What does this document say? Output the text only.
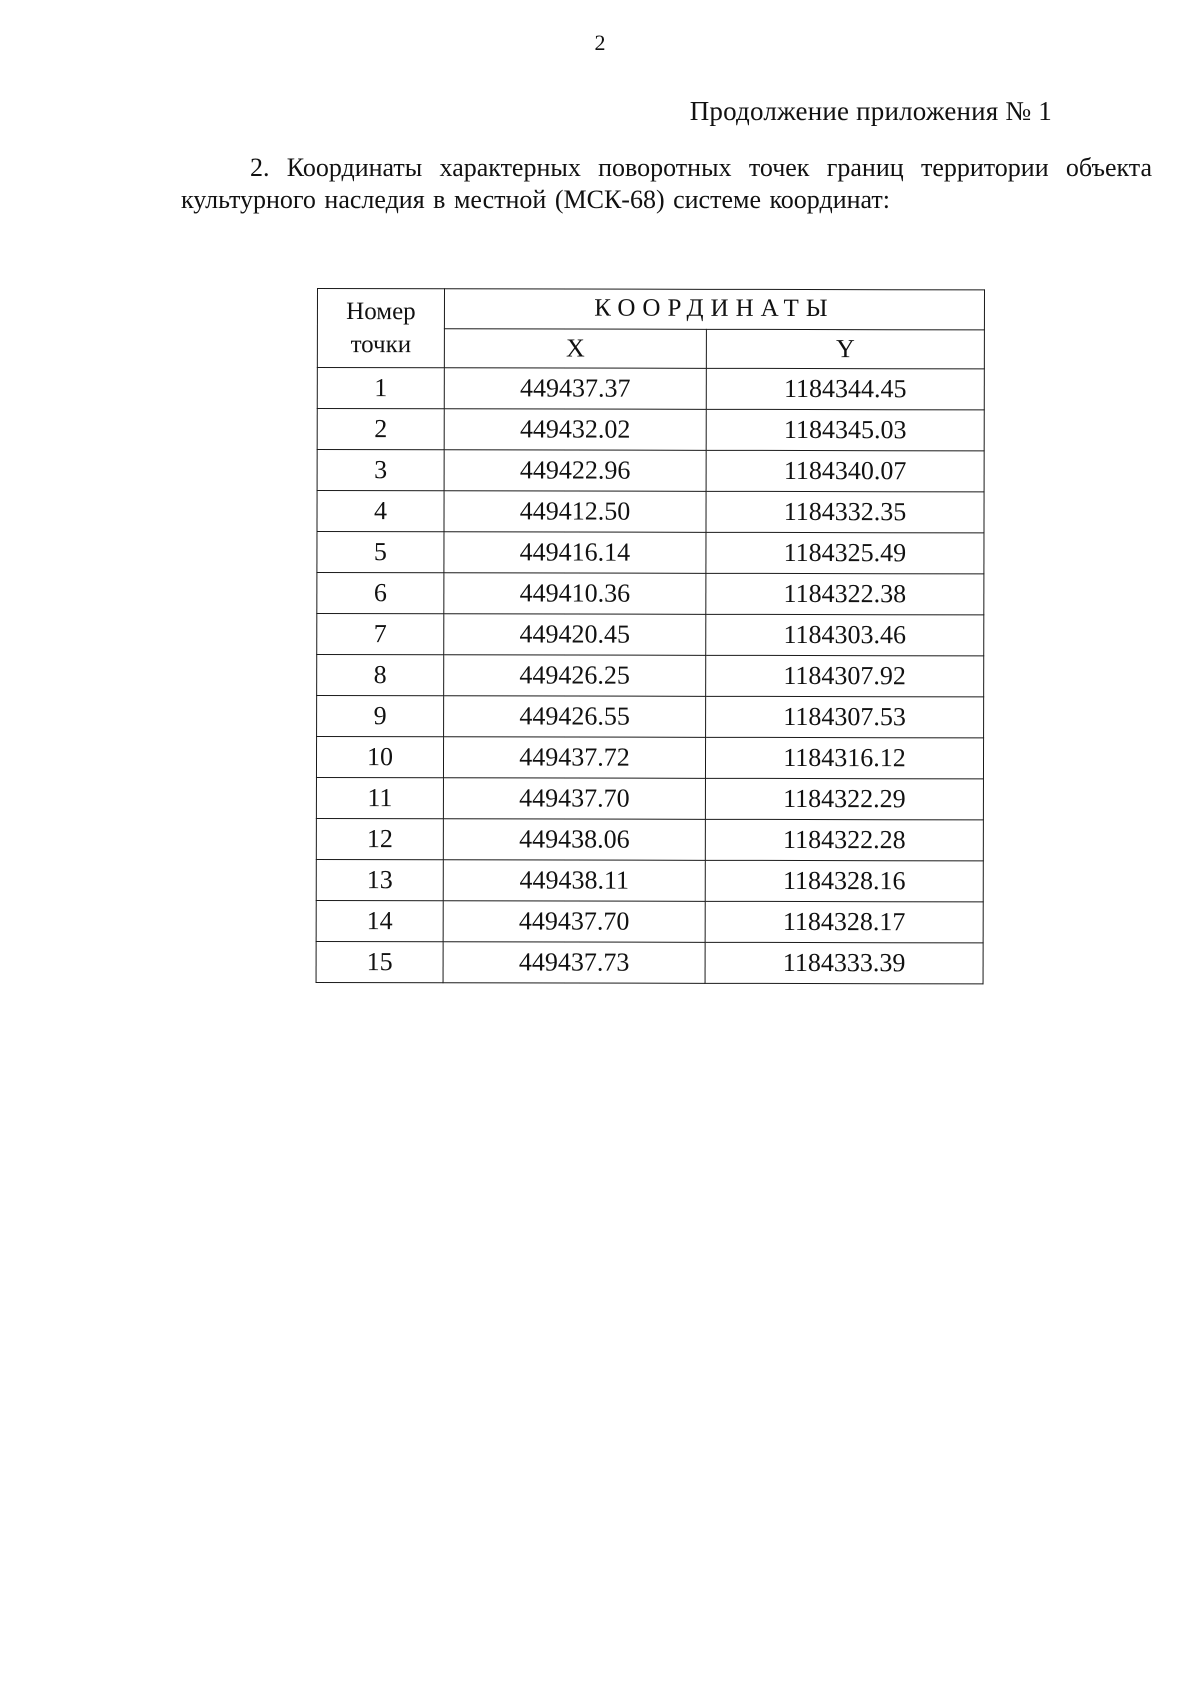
2
Продолжение приложения № 1

2. Координаты характерных поворотных точек границ территории объекта культурного наследия в местной (МСК-68) системе координат:

Номер точки	КООРДИНАТЫ	
	X	Y
1	449437.37	1184344.45
2	449432.02	1184345.03
3	449422.96	1184340.07
4	449412.50	1184332.35
5	449416.14	1184325.49
6	449410.36	1184322.38
7	449420.45	1184303.46
8	449426.25	1184307.92
9	449426.55	1184307.53
10	449437.72	1184316.12
11	449437.70	1184322.29
12	449438.06	1184322.28
13	449438.11	1184328.16
14	449437.70	1184328.17
15	449437.73	1184333.39
